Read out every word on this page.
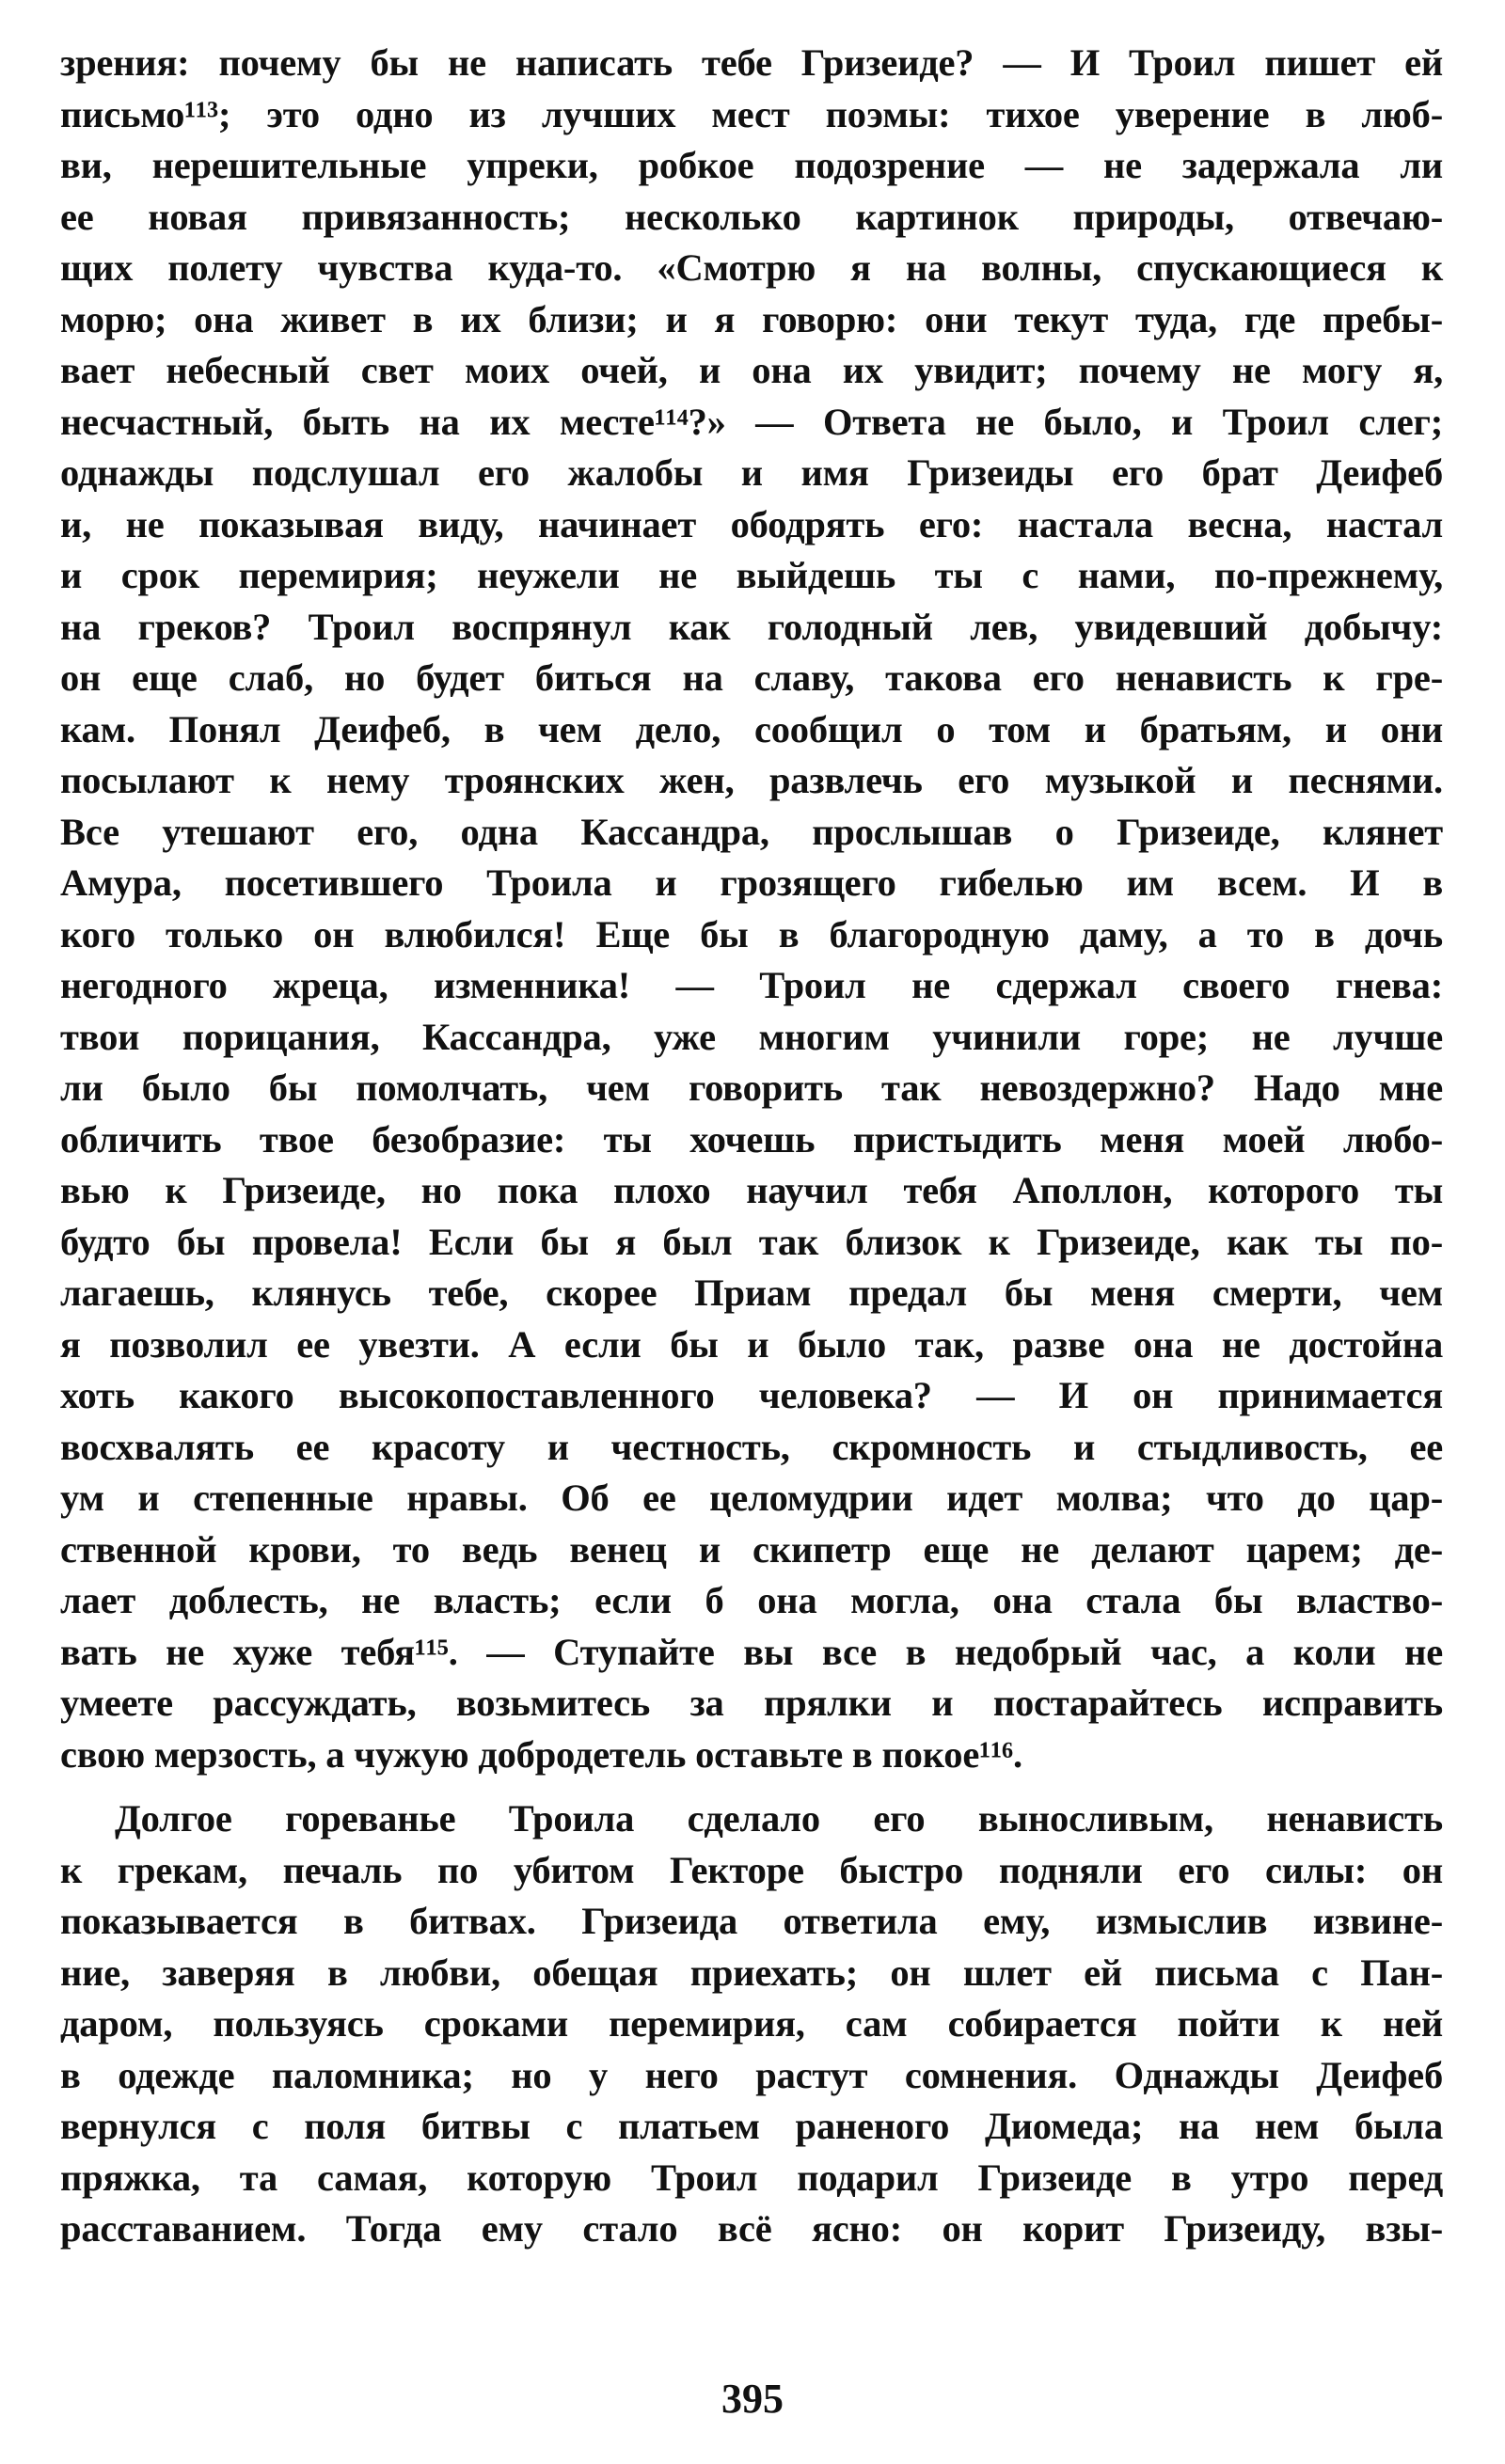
зрения: почему бы не написать тебе Гризеиде? — И Троил пишет ей
письмо¹¹³; это одно из лучших мест поэмы: тихое уверение в люб-
ви, нерешительные упреки, робкое подозрение — не задержала ли
ее новая привязанность; несколько картинок природы, отвечаю-
щих полету чувства куда-то. «Смотрю я на волны, спускающиеся к
морю; она живет в их близи; и я говорю: они текут туда, где пребы-
вает небесный свет моих очей, и она их увидит; почему не могу я,
несчастный, быть на их месте¹¹⁴?» — Ответа не было, и Троил слег;
однажды подслушал его жалобы и имя Гризеиды его брат Деифеб
и, не показывая виду, начинает ободрять его: настала весна, настал
и срок перемирия; неужели не выйдешь ты с нами, по-прежнему,
на греков? Троил воспрянул как голодный лев, увидевший добычу:
он еще слаб, но будет биться на славу, такова его ненависть к гре-
кам. Понял Деифеб, в чем дело, сообщил о том и братьям, и они
посылают к нему троянских жен, развлечь его музыкой и песнями.
Все утешают его, одна Кассандра, прослышав о Гризеиде, клянет
Амура, посетившего Троила и грозящего гибелью им всем. И в
кого только он влюбился! Еще бы в благородную даму, а то в дочь
негодного жреца, изменника! — Троил не сдержал своего гнева:
твои порицания, Кассандра, уже многим учинили горе; не лучше
ли было бы помолчать, чем говорить так невоздержно? Надо мне
обличить твое безобразие: ты хочешь пристыдить меня моей любо-
вью к Гризеиде, но пока плохо научил тебя Аполлон, которого ты
будто бы провела! Если бы я был так близок к Гризеиде, как ты по-
лагаешь, клянусь тебе, скорее Приам предал бы меня смерти, чем
я позволил ее увезти. А если бы и было так, разве она не достойна
хоть какого высокопоставленного человека? — И он принимается
восхвалять ее красоту и честность, скромность и стыдливость, ее
ум и степенные нравы. Об ее целомудрии идет молва; что до цар-
ственной крови, то ведь венец и скипетр еще не делают царем; де-
лает доблесть, не власть; если б она могла, она стала бы властво-
вать не хуже тебя¹¹⁵. — Ступайте вы все в недобрый час, а коли не
умеете рассуждать, возьмитесь за прялки и постарайтесь исправить
свою мерзость, а чужую добродетель оставьте в покое¹¹⁶.
Долгое гореванье Троила сделало его выносливым, ненависть
к грекам, печаль по убитом Гекторе быстро подняли его силы: он
показывается в битвах. Гризеида ответила ему, измыслив извине-
ние, заверяя в любви, обещая приехать; он шлет ей письма с Пан-
даром, пользуясь сроками перемирия, сам собирается пойти к ней
в одежде паломника; но у него растут сомнения. Однажды Деифеб
вернулся с поля битвы с платьем раненого Диомеда; на нем была
пряжка, та самая, которую Троил подарил Гризеиде в утро перед
расставанием. Тогда ему стало всё ясно: он корит Гризеиду, взы-
395
